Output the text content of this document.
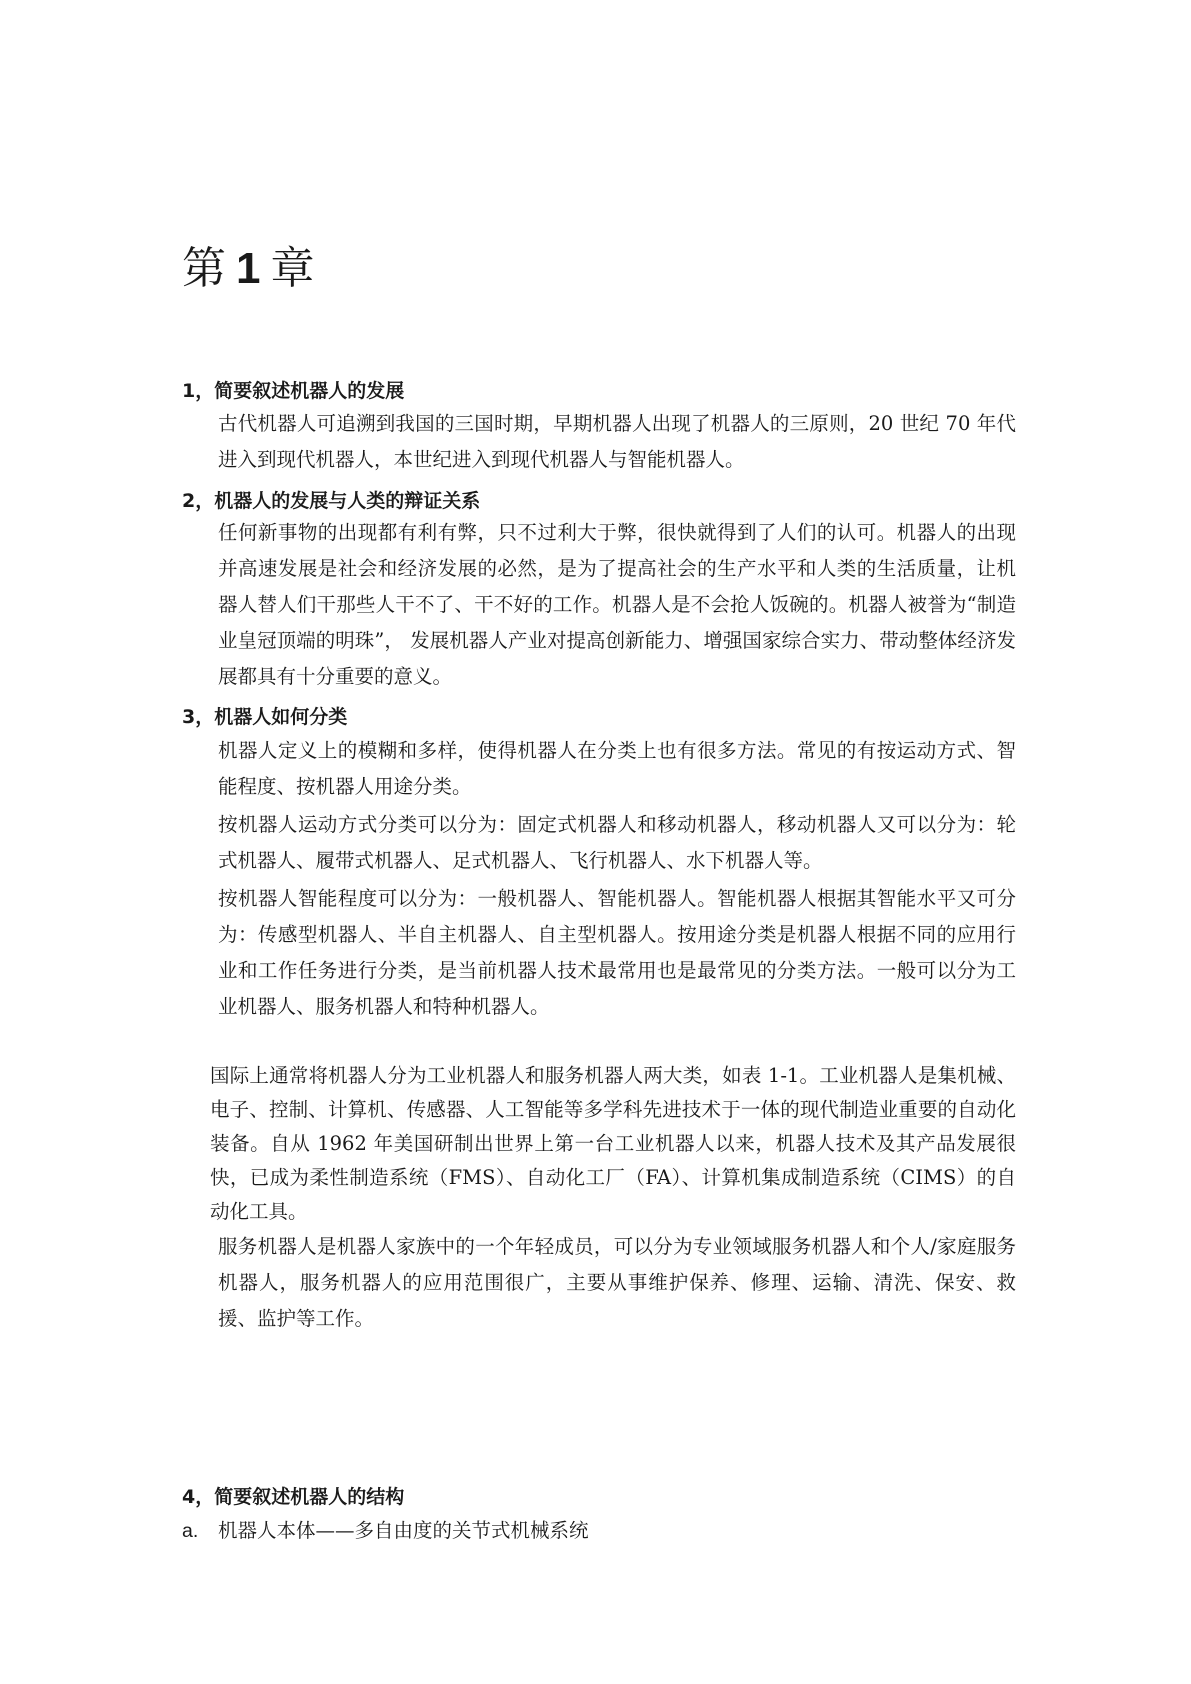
第 1 章
1，简要叙述机器人的发展

古代机器人可追溯到我国的三国时期，早期机器人出现了机器人的三原则，20 世纪 70 年代进入到现代机器人，本世纪进入到现代机器人与智能机器人。

2，机器人的发展与人类的辩证关系

任何新事物的出现都有利有弊，只不过利大于弊，很快就得到了人们的认可。机器人的出现并高速发展是社会和经济发展的必然，是为了提高社会的生产水平和人类的生活质量，让机器人替人们干那些人干不了、干不好的工作。机器人是不会抢人饭碗的。机器人被誉为“制造业皇冠顶端的明珠”， 发展机器人产业对提高创新能力、增强国家综合实力、带动整体经济发展都具有十分重要的意义。

3，机器人如何分类

机器人定义上的模糊和多样，使得机器人在分类上也有很多方法。常见的有按运动方式、智能程度、按机器人用途分类。

按机器人运动方式分类可以分为：固定式机器人和移动机器人，移动机器人又可以分为：轮式机器人、履带式机器人、足式机器人、飞行机器人、水下机器人等。

按机器人智能程度可以分为：一般机器人、智能机器人。智能机器人根据其智能水平又可分为：传感型机器人、半自主机器人、自主型机器人。按用途分类是机器人根据不同的应用行业和工作任务进行分类，是当前机器人技术最常用也是最常见的分类方法。一般可以分为工业机器人、服务机器人和特种机器人。

国际上通常将机器人分为工业机器人和服务机器人两大类，如表 1-1。工业机器人是集机械、电子、控制、计算机、传感器、人工智能等多学科先进技术于一体的现代制造业重要的自动化装备。自从 1962 年美国研制出世界上第一台工业机器人以来，机器人技术及其产品发展很快，已成为柔性制造系统（FMS）、自动化工厂（FA）、计算机集成制造系统（CIMS）的自动化工具。

服务机器人是机器人家族中的一个年轻成员，可以分为专业领域服务机器人和个人/家庭服务机器人，服务机器人的应用范围很广，主要从事维护保养、修理、运输、清洗、保安、救援、监护等工作。

4，简要叙述机器人的结构

a. 机器人本体——多自由度的关节式机械系统
